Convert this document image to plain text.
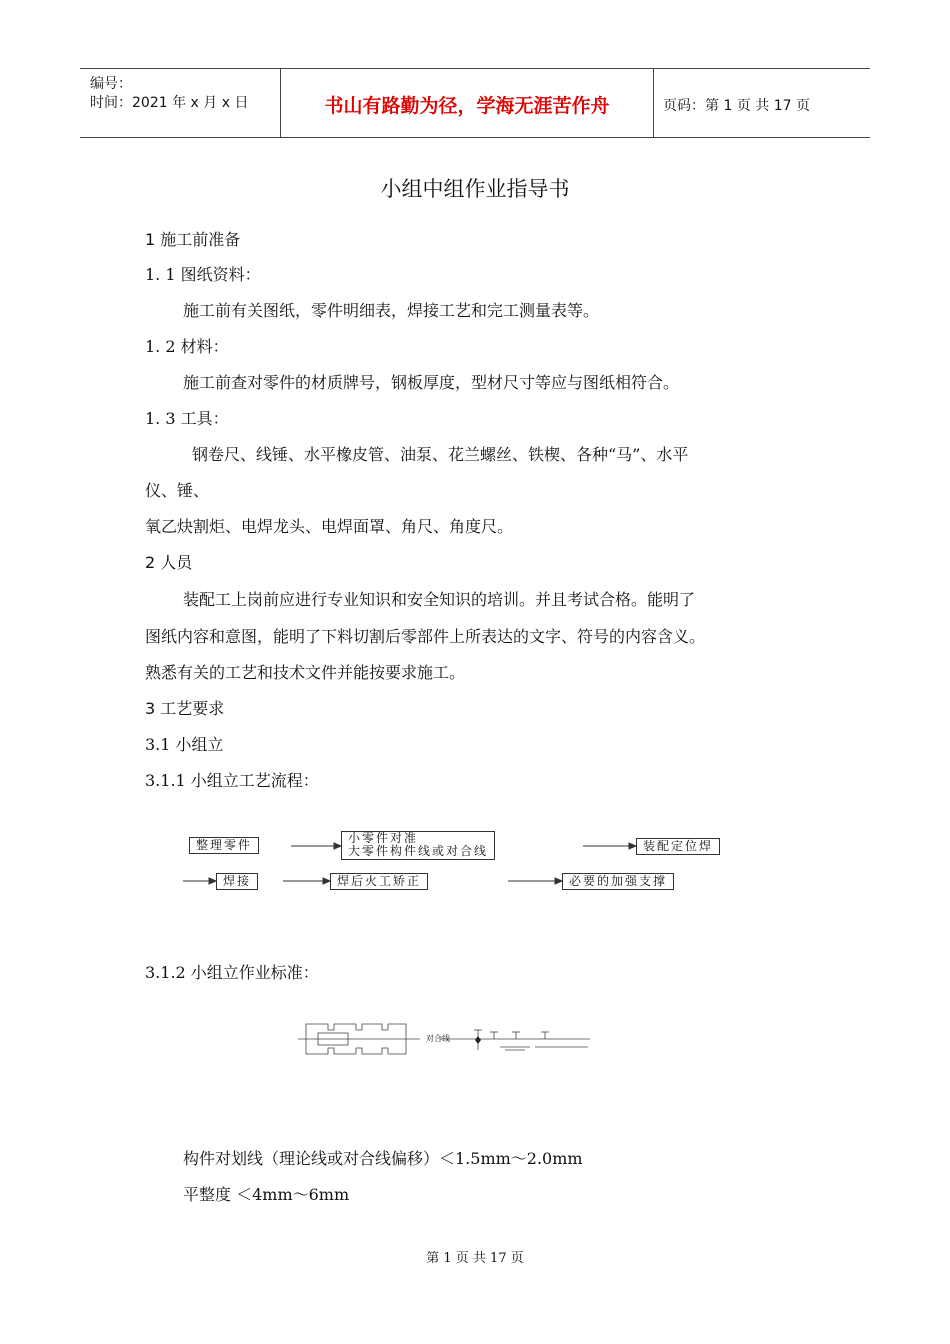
编号：
时间：2021 年 x 月 x 日	书山有路勤为径，学海无涯苦作舟	页码：第 1 页 共 17 页
小组中组作业指导书
1 施工前准备
1. 1 图纸资料：
施工前有关图纸，零件明细表，焊接工艺和完工测量表等。
1. 2 材料：
施工前查对零件的材质牌号，钢板厚度，型材尺寸等应与图纸相符合。
1. 3 工具：
钢卷尺、线锤、水平橡皮管、油泵、花兰螺丝、铁楔、各种“马”、水平
仪、锤、
氧乙炔割炬、电焊龙头、电焊面罩、角尺、角度尺。
2 人员
装配工上岗前应进行专业知识和安全知识的培训。并且考试合格。能明了
图纸内容和意图，能明了下料切割后零部件上所表达的文字、符号的内容含义。
熟悉有关的工艺和技术文件并能按要求施工。
3 工艺要求
3.1 小组立
3.1.1 小组立工艺流程：
整理零件	小零件对准
大零件构件线或对合线	装配定位焊
焊接	焊后火工矫正	必要的加强支撑
3.1.2 小组立作业标准：
对合线
构件对划线（理论线或对合线偏移）＜1.5mm～2.0mm
平整度 ＜4mm～6mm
第 1 页 共 17 页
